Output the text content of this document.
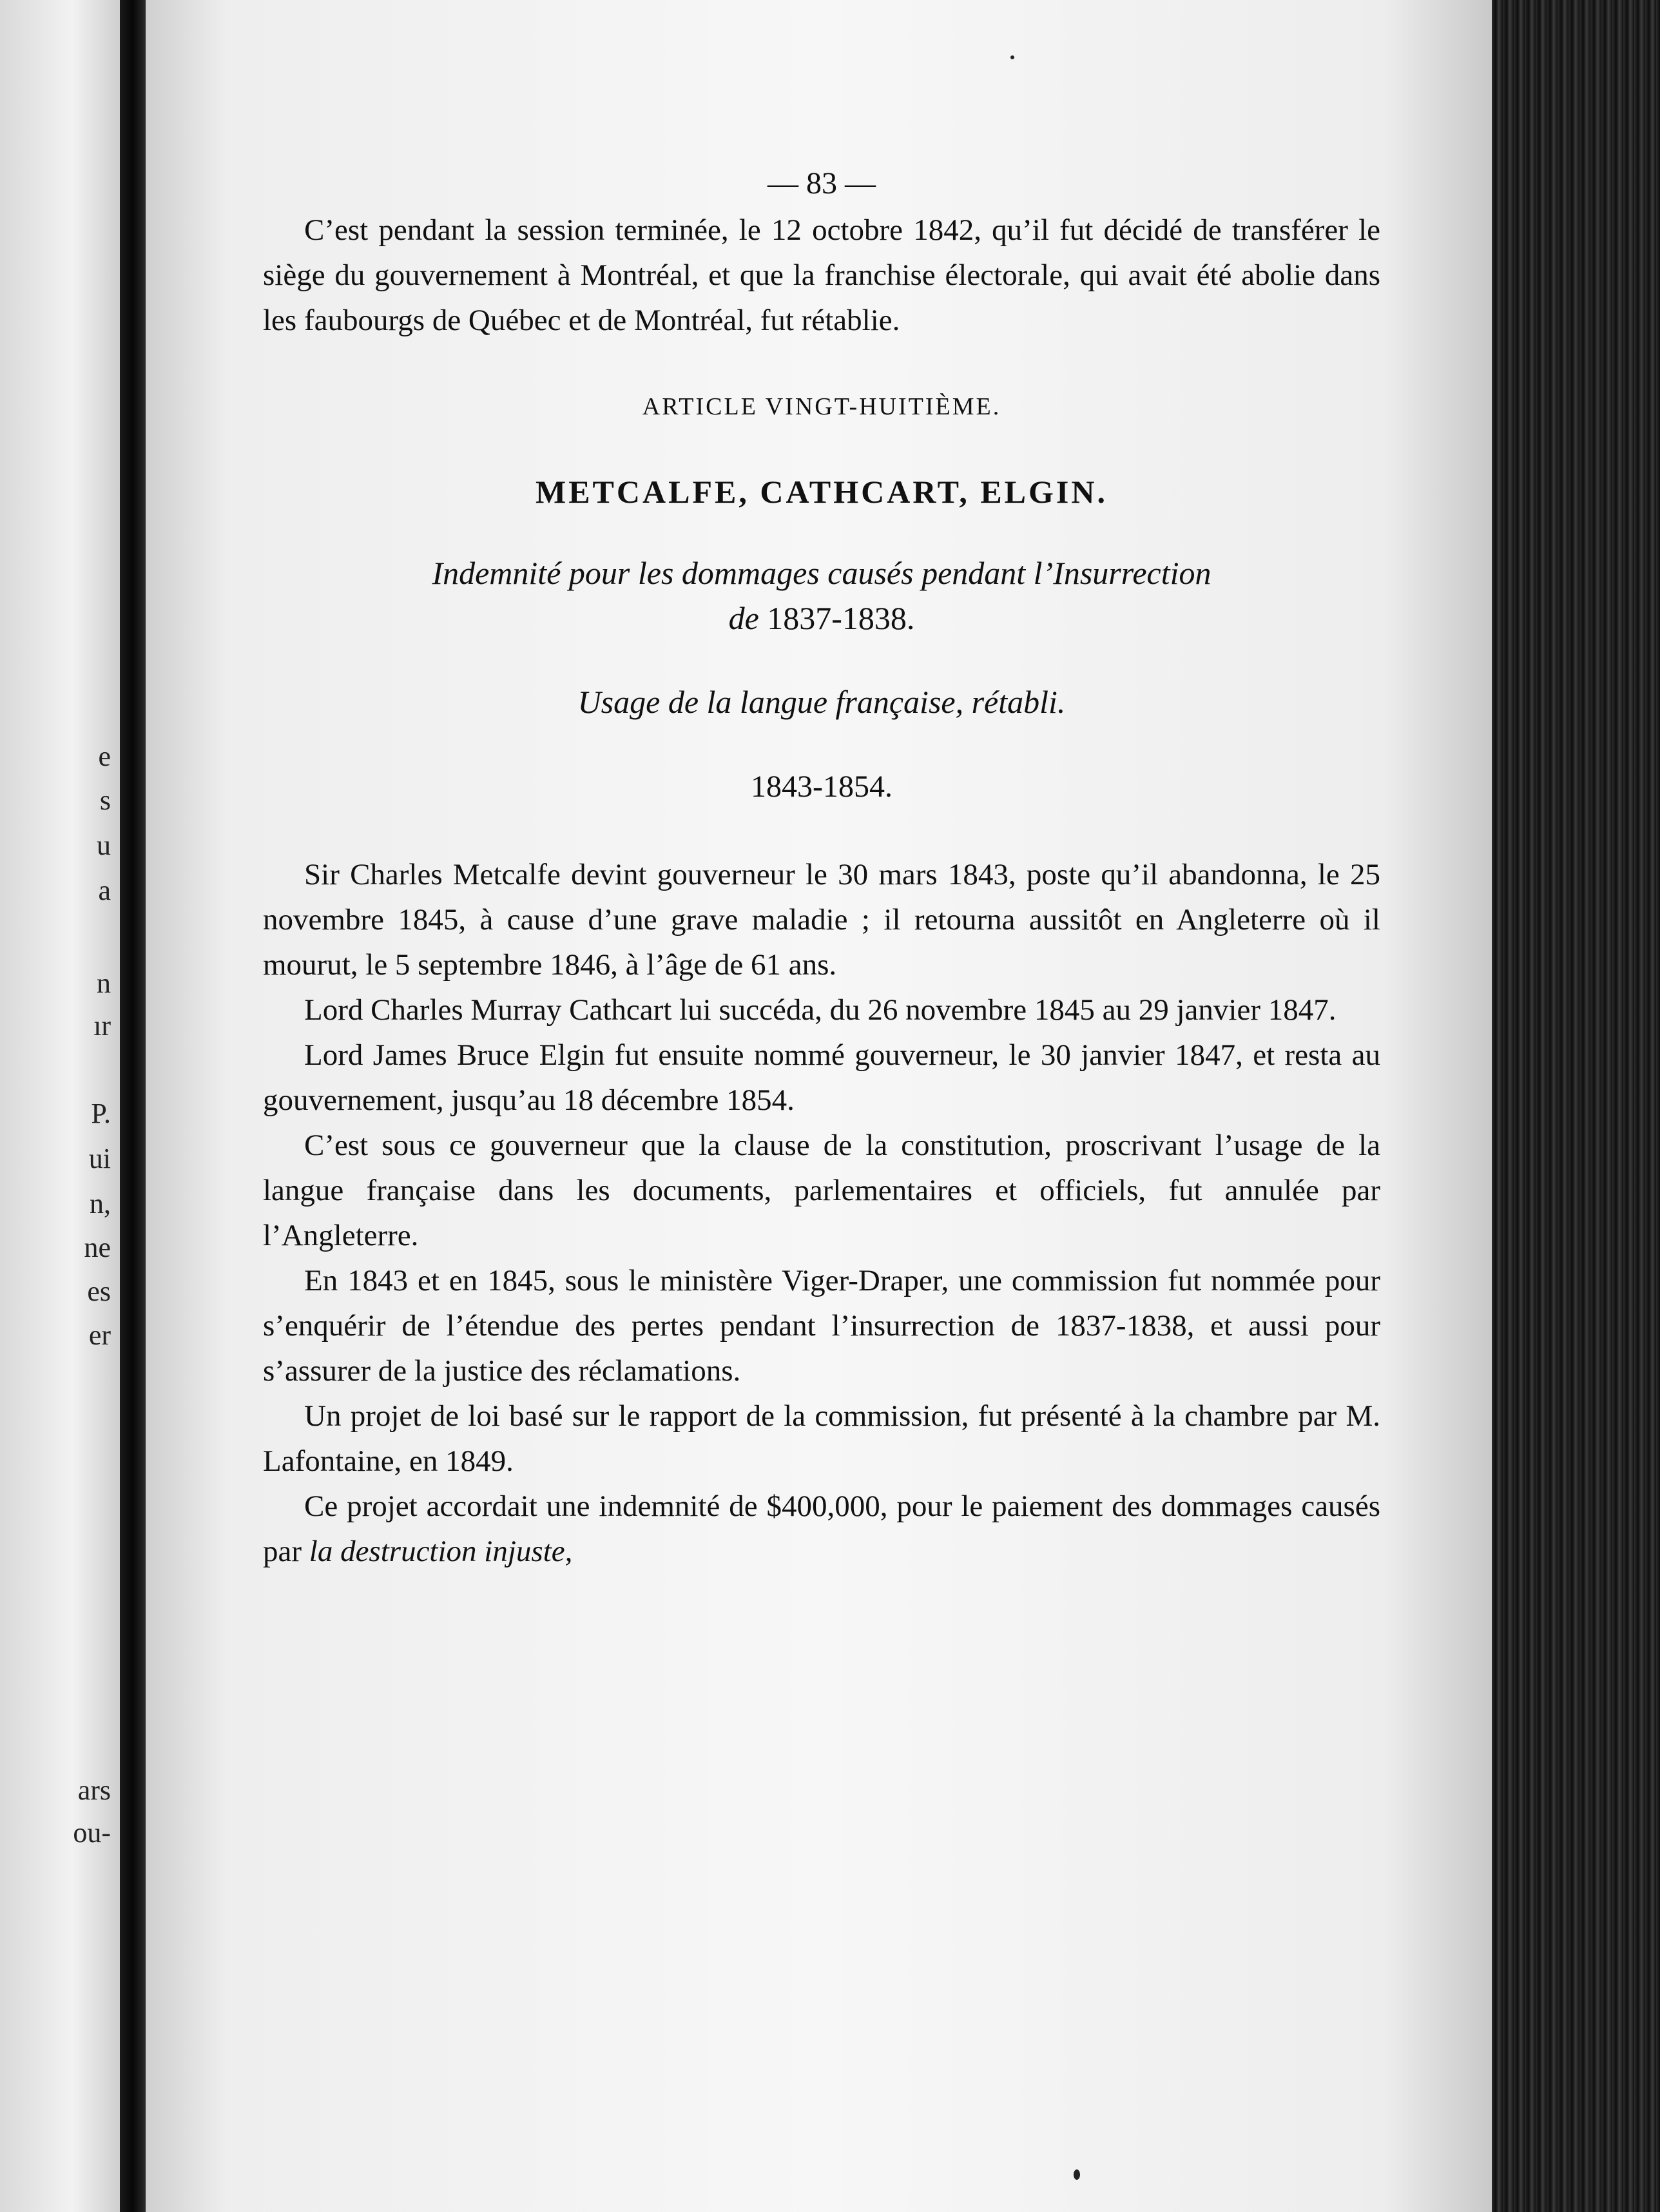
e
s
u
a
n
ır
P.
ui
n,
ne
es
er
ars
ou-
— 83 —

C’est pendant la session terminée, le 12 octobre 1842, qu’il fut décidé de transférer le siège du gouvernement à Montréal, et que la franchise électorale, qui avait été abolie dans les faubourgs de Québec et de Montréal, fut rétablie.

ARTICLE VINGT-HUITIÈME.
METCALFE, CATHCART, ELGIN.
Indemnité pour les dommages causés pendant l’Insurrection
de 1837-1838.
Usage de la langue française, rétabli.
1843-1854.

Sir Charles Metcalfe devint gouverneur le 30 mars 1843, poste qu’il abandonna, le 25 novembre 1845, à cause d’une grave maladie ; il retourna aussitôt en Angleterre où il mourut, le 5 septembre 1846, à l’âge de 61 ans.

Lord Charles Murray Cathcart lui succéda, du 26 novembre 1845 au 29 janvier 1847.

Lord James Bruce Elgin fut ensuite nommé gouverneur, le 30 janvier 1847, et resta au gouvernement, jusqu’au 18 décembre 1854.

C’est sous ce gouverneur que la clause de la constitution, proscrivant l’usage de la langue française dans les documents, parlementaires et officiels, fut annulée par l’Angleterre.

En 1843 et en 1845, sous le ministère Viger-Draper, une commission fut nommée pour s’enquérir de l’étendue des pertes pendant l’insurrection de 1837-1838, et aussi pour s’assurer de la justice des réclamations.

Un projet de loi basé sur le rapport de la commission, fut présenté à la chambre par M. Lafontaine, en 1849.

Ce projet accordait une indemnité de $400,000, pour le paiement des dommages causés par la destruction injuste,
